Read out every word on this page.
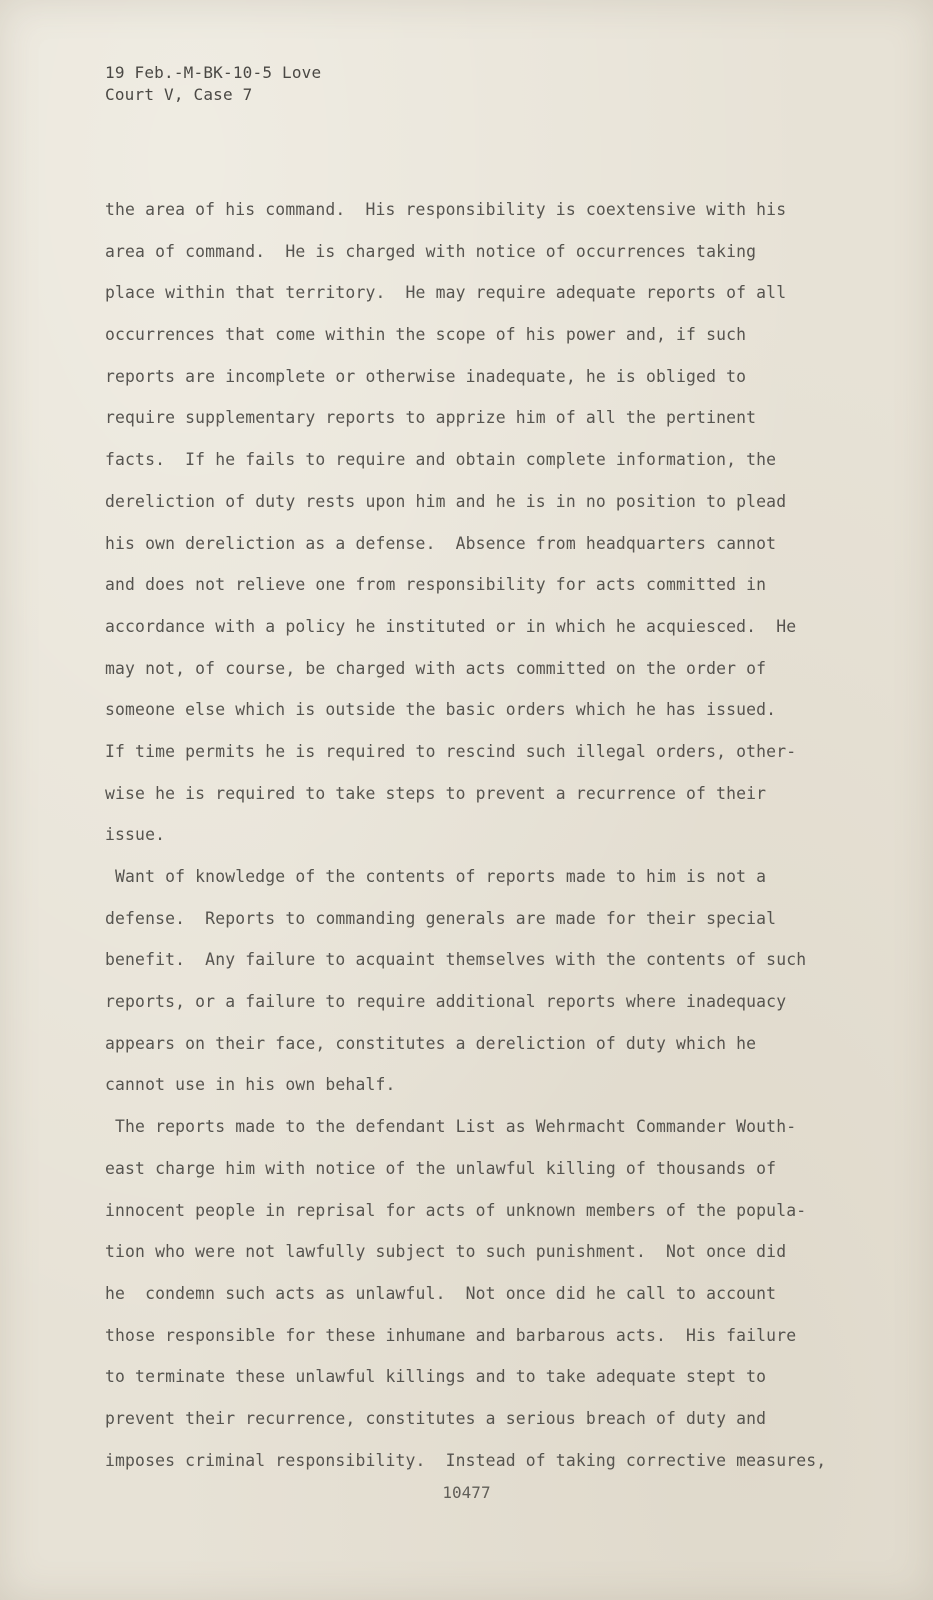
19 Feb.-M-BK-10-5 Love
Court V, Case 7
the area of his command.  His responsibility is coextensive with his
area of command.  He is charged with notice of occurrences taking
place within that territory.  He may require adequate reports of all
occurrences that come within the scope of his power and, if such
reports are incomplete or otherwise inadequate, he is obliged to
require supplementary reports to apprize him of all the pertinent
facts.  If he fails to require and obtain complete information, the
dereliction of duty rests upon him and he is in no position to plead
his own dereliction as a defense.  Absence from headquarters cannot
and does not relieve one from responsibility for acts committed in
accordance with a policy he instituted or in which he acquiesced.  He
may not, of course, be charged with acts committed on the order of
someone else which is outside the basic orders which he has issued.
If time permits he is required to rescind such illegal orders, other-
wise he is required to take steps to prevent a recurrence of their
issue.
Want of knowledge of the contents of reports made to him is not a
defense.  Reports to commanding generals are made for their special
benefit.  Any failure to acquaint themselves with the contents of such
reports, or a failure to require additional reports where inadequacy
appears on their face, constitutes a dereliction of duty which he
cannot use in his own behalf.
The reports made to the defendant List as Wehrmacht Commander Wouth-
east charge him with notice of the unlawful killing of thousands of
innocent people in reprisal for acts of unknown members of the popula-
tion who were not lawfully subject to such punishment.  Not once did
he  condemn such acts as unlawful.  Not once did he call to account
those responsible for these inhumane and barbarous acts.  His failure
to terminate these unlawful killings and to take adequate stept to
prevent their recurrence, constitutes a serious breach of duty and
imposes criminal responsibility.  Instead of taking corrective measures,
10477
